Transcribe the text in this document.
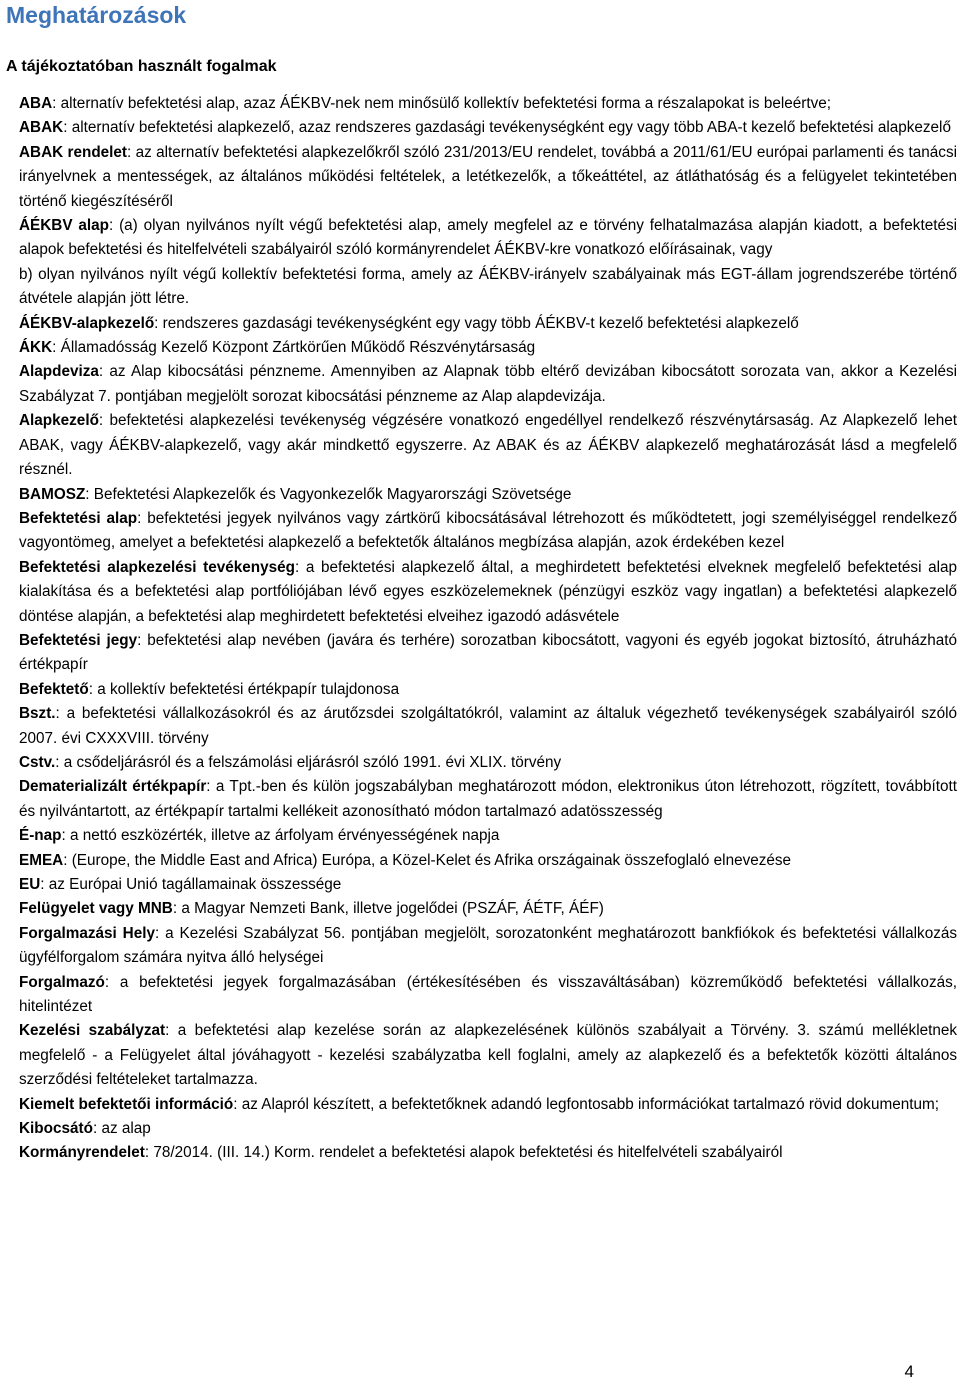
Meghatározások
A tájékoztatóban használt fogalmak

ABA: alternatív befektetési alap, azaz ÁÉKBV-nek nem minősülő kollektív befektetési forma a részalapokat is beleértve;

ABAK: alternatív befektetési alapkezelő, azaz rendszeres gazdasági tevékenységként egy vagy több ABA-t kezelő befektetési alapkezelő

ABAK rendelet: az alternatív befektetési alapkezelőkről szóló 231/2013/EU rendelet, továbbá a 2011/61/EU európai parlamenti és tanácsi irányelvnek a mentességek, az általános működési feltételek, a letétkezelők, a tőkeáttétel, az átláthatóság és a felügyelet tekintetében történő kiegészítéséről

ÁÉKBV alap: (a) olyan nyilvános nyílt végű befektetési alap, amely megfelel az e törvény felhatalmazása alapján kiadott, a befektetési alapok befektetési és hitelfelvételi szabályairól szóló kormányrendelet ÁÉKBV-kre vonatkozó előírásainak, vagy

b) olyan nyilvános nyílt végű kollektív befektetési forma, amely az ÁÉKBV-irányelv szabályainak más EGT-állam jogrendszerébe történő átvétele alapján jött létre.

ÁÉKBV-alapkezelő: rendszeres gazdasági tevékenységként egy vagy több ÁÉKBV-t kezelő befektetési alapkezelő

ÁKK: Államadósság Kezelő Központ Zártkörűen Működő Részvénytársaság

Alapdeviza: az Alap kibocsátási pénzneme. Amennyiben az Alapnak több eltérő devizában kibocsátott sorozata van, akkor a Kezelési Szabályzat 7. pontjában megjelölt sorozat kibocsátási pénzneme az Alap alapdevizája.

Alapkezelő: befektetési alapkezelési tevékenység végzésére vonatkozó engedéllyel rendelkező részvénytársaság. Az Alapkezelő lehet ABAK, vagy ÁÉKBV-alapkezelő, vagy akár mindkettő egyszerre. Az ABAK és az ÁÉKBV alapkezelő meghatározását lásd a megfelelő résznél.

BAMOSZ: Befektetési Alapkezelők és Vagyonkezelők Magyarországi Szövetsége

Befektetési alap: befektetési jegyek nyilvános vagy zártkörű kibocsátásával létrehozott és működtetett, jogi személyiséggel rendelkező vagyontömeg, amelyet a befektetési alapkezelő a befektetők általános megbízása alapján, azok érdekében kezel

Befektetési alapkezelési tevékenység: a befektetési alapkezelő által, a meghirdetett befektetési elveknek megfelelő befektetési alap kialakítása és a befektetési alap portfóliójában lévő egyes eszközelemeknek (pénzügyi eszköz vagy ingatlan) a befektetési alapkezelő döntése alapján, a befektetési alap meghirdetett befektetési elveihez igazodó adásvétele

Befektetési jegy: befektetési alap nevében (javára és terhére) sorozatban kibocsátott, vagyoni és egyéb jogokat biztosító, átruházható értékpapír

Befektető: a kollektív befektetési értékpapír tulajdonosa

Bszt.: a befektetési vállalkozásokról és az árutőzsdei szolgáltatókról, valamint az általuk végezhető tevékenységek szabályairól szóló 2007. évi CXXXVIII. törvény

Cstv.: a csődeljárásról és a felszámolási eljárásról szóló 1991. évi XLIX. törvény

Dematerializált értékpapír: a Tpt.-ben és külön jogszabályban meghatározott módon, elektronikus úton létrehozott, rögzített, továbbított és nyilvántartott, az értékpapír tartalmi kellékeit azonosítható módon tartalmazó adatösszesség

É-nap: a nettó eszközérték, illetve az árfolyam érvényességének napja

EMEA: (Europe, the Middle East and Africa) Európa, a Közel-Kelet és Afrika országainak összefoglaló elnevezése

EU: az Európai Unió tagállamainak összessége

Felügyelet vagy MNB: a Magyar Nemzeti Bank, illetve jogelődei (PSZÁF, ÁÉTF, ÁÉF)

Forgalmazási Hely: a Kezelési Szabályzat 56. pontjában megjelölt, sorozatonként meghatározott bankfiókok és befektetési vállalkozás ügyfélforgalom számára nyitva álló helységei

Forgalmazó: a befektetési jegyek forgalmazásában (értékesítésében és visszaváltásában) közreműködő befektetési vállalkozás, hitelintézet

Kezelési szabályzat: a befektetési alap kezelése során az alapkezelésének különös szabályait a Törvény. 3. számú mellékletnek megfelelő - a Felügyelet által jóváhagyott - kezelési szabályzatba kell foglalni, amely az alapkezelő és a befektetők közötti általános szerződési feltételeket tartalmazza.

Kiemelt befektetői információ: az Alapról készített, a befektetőknek adandó legfontosabb információkat tartalmazó rövid dokumentum;

Kibocsátó: az alap

Kormányrendelet: 78/2014. (III. 14.) Korm. rendelet a befektetési alapok befektetési és hitelfelvételi szabályairól

4
